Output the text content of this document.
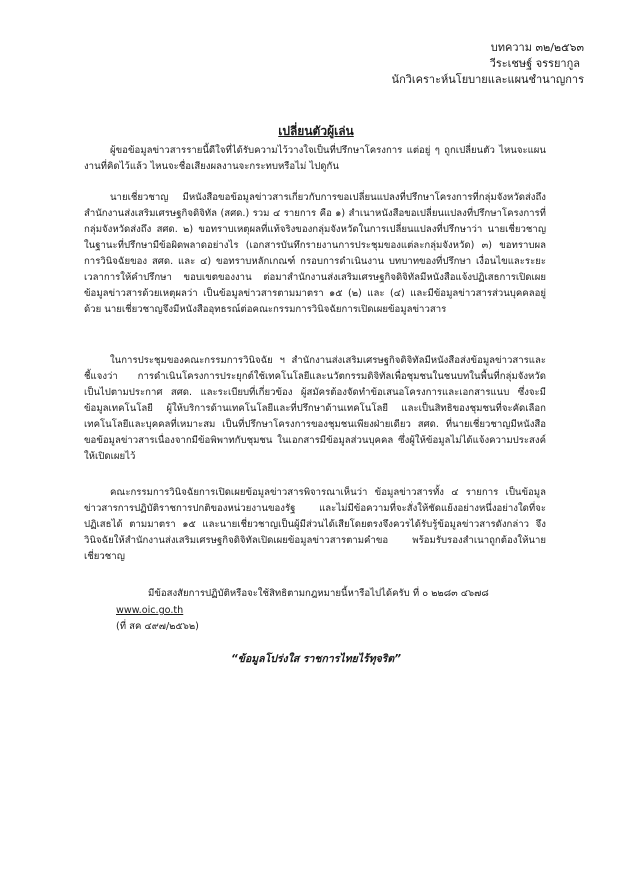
บทความ ๓๒/๒๕๖๓
วีระเชษฐ์ จรรยากูล
นักวิเคราะห์นโยบายและแผนชำนาญการ
เปลี่ยนตัวผู้เล่น

ผู้ขอข้อมูลข่าวสารรายนี้ดีใจที่ได้รับความไว้วางใจเป็นที่ปรึกษาโครงการ แต่อยู่ ๆ ถูกเปลี่ยนตัว ไหนจะแผนงานที่คิดไว้แล้ว ไหนจะชื่อเสียงผลงานจะกระทบหรือไม่ ไปดูกัน

นายเชี่ยวชาญ มีหนังสือขอข้อมูลข่าวสารเกี่ยวกับการขอเปลี่ยนแปลงที่ปรึกษาโครงการที่กลุ่มจังหวัดส่งถึงสำนักงานส่งเสริมเศรษฐกิจดิจิทัล (สศด.) รวม ๔ รายการ คือ ๑) สำเนาหนังสือขอเปลี่ยนแปลงที่ปรึกษาโครงการที่กลุ่มจังหวัดส่งถึง สศด. ๒) ขอทราบเหตุผลที่แท้จริงของกลุ่มจังหวัดในการเปลี่ยนแปลงที่ปรึกษาว่า นายเชี่ยวชาญในฐานะที่ปรึกษามีข้อผิดพลาดอย่างไร (เอกสารบันทึกรายงานการประชุมของแต่ละกลุ่มจังหวัด) ๓) ขอทราบผลการวินิจฉัยของ สศด. และ ๔) ขอทราบหลักเกณฑ์ กรอบการดำเนินงาน บทบาทของที่ปรึกษา เงื่อนไขและระยะเวลาการให้คำปรึกษา ขอบเขตของงาน ต่อมาสำนักงานส่งเสริมเศรษฐกิจดิจิทัลมีหนังสือแจ้งปฏิเสธการเปิดเผยข้อมูลข่าวสารด้วยเหตุผลว่า เป็นข้อมูลข่าวสารตามมาตรา ๑๕ (๒) และ (๔) และมีข้อมูลข่าวสารส่วนบุคคลอยู่ด้วย นายเชี่ยวชาญจึงมีหนังสืออุทธรณ์ต่อคณะกรรมการวินิจฉัยการเปิดเผยข้อมูลข่าวสาร

ในการประชุมของคณะกรรมการวินิจฉัย ฯ สำนักงานส่งเสริมเศรษฐกิจดิจิทัลมีหนังสือส่งข้อมูลข่าวสารและชี้แจงว่า การดำเนินโครงการประยุกต์ใช้เทคโนโลยีและนวัตกรรมดิจิทัลเพื่อชุมชนในชนบทในพื้นที่กลุ่มจังหวัด เป็นไปตามประกาศ สศด. และระเบียบที่เกี่ยวข้อง ผู้สมัครต้องจัดทำข้อเสนอโครงการและเอกสารแนบ ซึ่งจะมีข้อมูลเทคโนโลยี ผู้ให้บริการด้านเทคโนโลยีและที่ปรึกษาด้านเทคโนโลยี และเป็นสิทธิของชุมชนที่จะคัดเลือกเทคโนโลยีและบุคคลที่เหมาะสม เป็นที่ปรึกษาโครงการของชุมชนเพียงฝ่ายเดียว สศด. ที่นายเชี่ยวชาญมีหนังสือขอข้อมูลข่าวสารเนื่องจากมีข้อพิพาทกับชุมชน ในเอกสารมีข้อมูลส่วนบุคคล ซึ่งผู้ให้ข้อมูลไม่ได้แจ้งความประสงค์ให้เปิดเผยไว้

คณะกรรมการวินิจฉัยการเปิดเผยข้อมูลข่าวสารพิจารณาเห็นว่า ข้อมูลข่าวสารทั้ง ๔ รายการ เป็นข้อมูลข่าวสารการปฏิบัติราชการปกติของหน่วยงานของรัฐ และไม่มีข้อความที่จะสั่งให้ชัดแย้งอย่างหนึ่งอย่างใดที่จะปฏิเสธได้ ตามมาตรา ๑๕ และนายเชี่ยวชาญเป็นผู้มีส่วนได้เสียโดยตรงจึงควรได้รับรู้ข้อมูลข่าวสารดังกล่าว จึงวินิจฉัยให้สำนักงานส่งเสริมเศรษฐกิจดิจิทัลเปิดเผยข้อมูลข่าวสารตามคำขอ พร้อมรับรองสำเนาถูกต้องให้นายเชี่ยวชาญ

มีข้อสงสัยการปฏิบัติหรือจะใช้สิทธิตามกฎหมายนี้หารือไปได้ครับ ที่ ๐ ๒๒๘๓ ๔๖๗๘
www.oic.go.th
(ที่ สค ๔๙๗/๒๕๖๒)
“ข้อมูลโปร่งใส ราชการไทยไร้ทุจริต”
